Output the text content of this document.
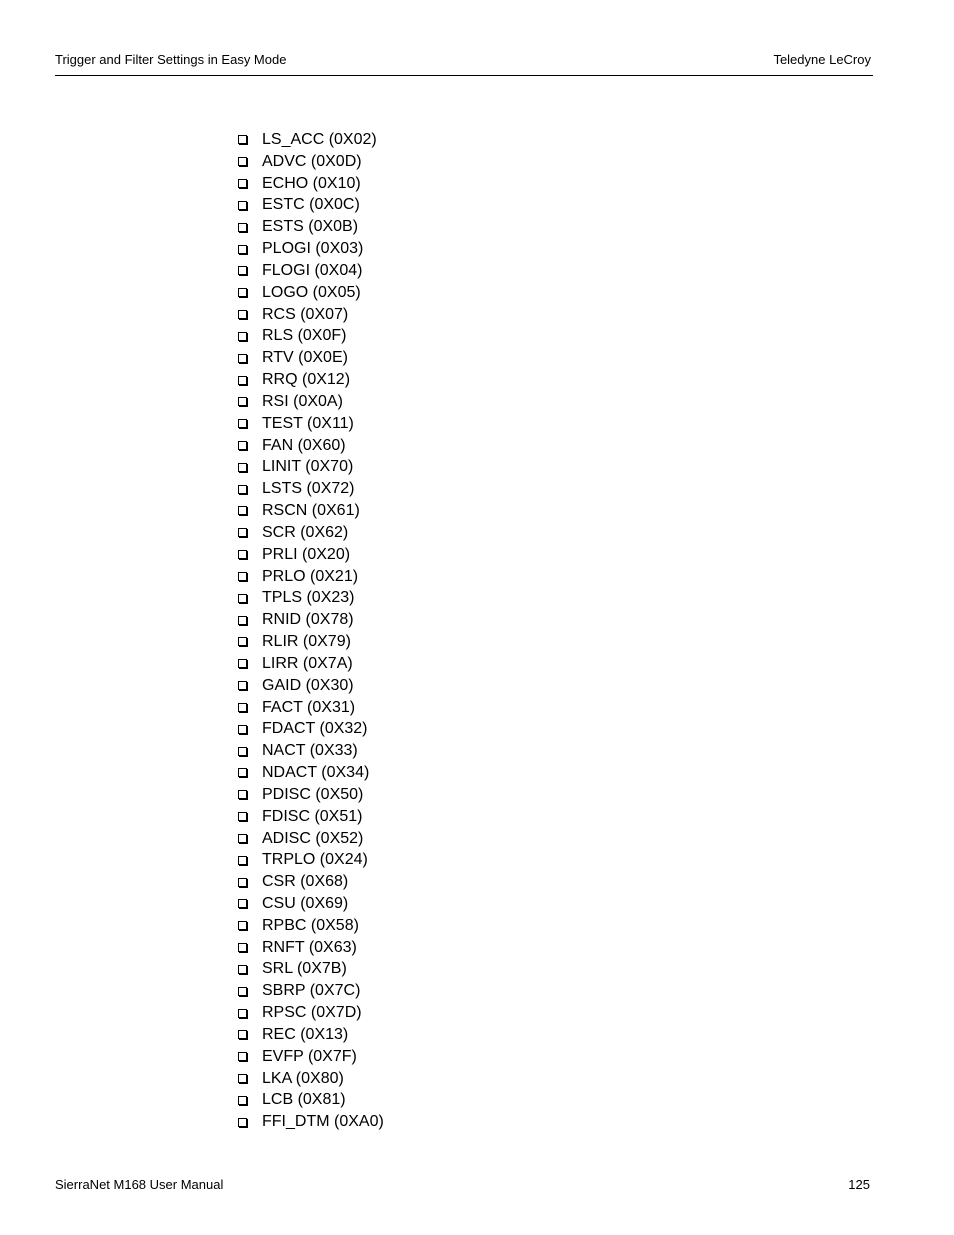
Trigger and Filter Settings in Easy Mode	Teledyne LeCroy
LS_ACC (0X02)
ADVC (0X0D)
ECHO (0X10)
ESTC (0X0C)
ESTS (0X0B)
PLOGI (0X03)
FLOGI (0X04)
LOGO (0X05)
RCS (0X07)
RLS (0X0F)
RTV (0X0E)
RRQ (0X12)
RSI (0X0A)
TEST (0X11)
FAN (0X60)
LINIT (0X70)
LSTS (0X72)
RSCN (0X61)
SCR (0X62)
PRLI (0X20)
PRLO (0X21)
TPLS (0X23)
RNID (0X78)
RLIR (0X79)
LIRR (0X7A)
GAID (0X30)
FACT (0X31)
FDACT (0X32)
NACT (0X33)
NDACT (0X34)
PDISC (0X50)
FDISC (0X51)
ADISC (0X52)
TRPLO (0X24)
CSR (0X68)
CSU (0X69)
RPBC (0X58)
RNFT (0X63)
SRL (0X7B)
SBRP (0X7C)
RPSC (0X7D)
REC (0X13)
EVFP (0X7F)
LKA (0X80)
LCB (0X81)
FFI_DTM (0XA0)
SierraNet M168 User Manual	125
